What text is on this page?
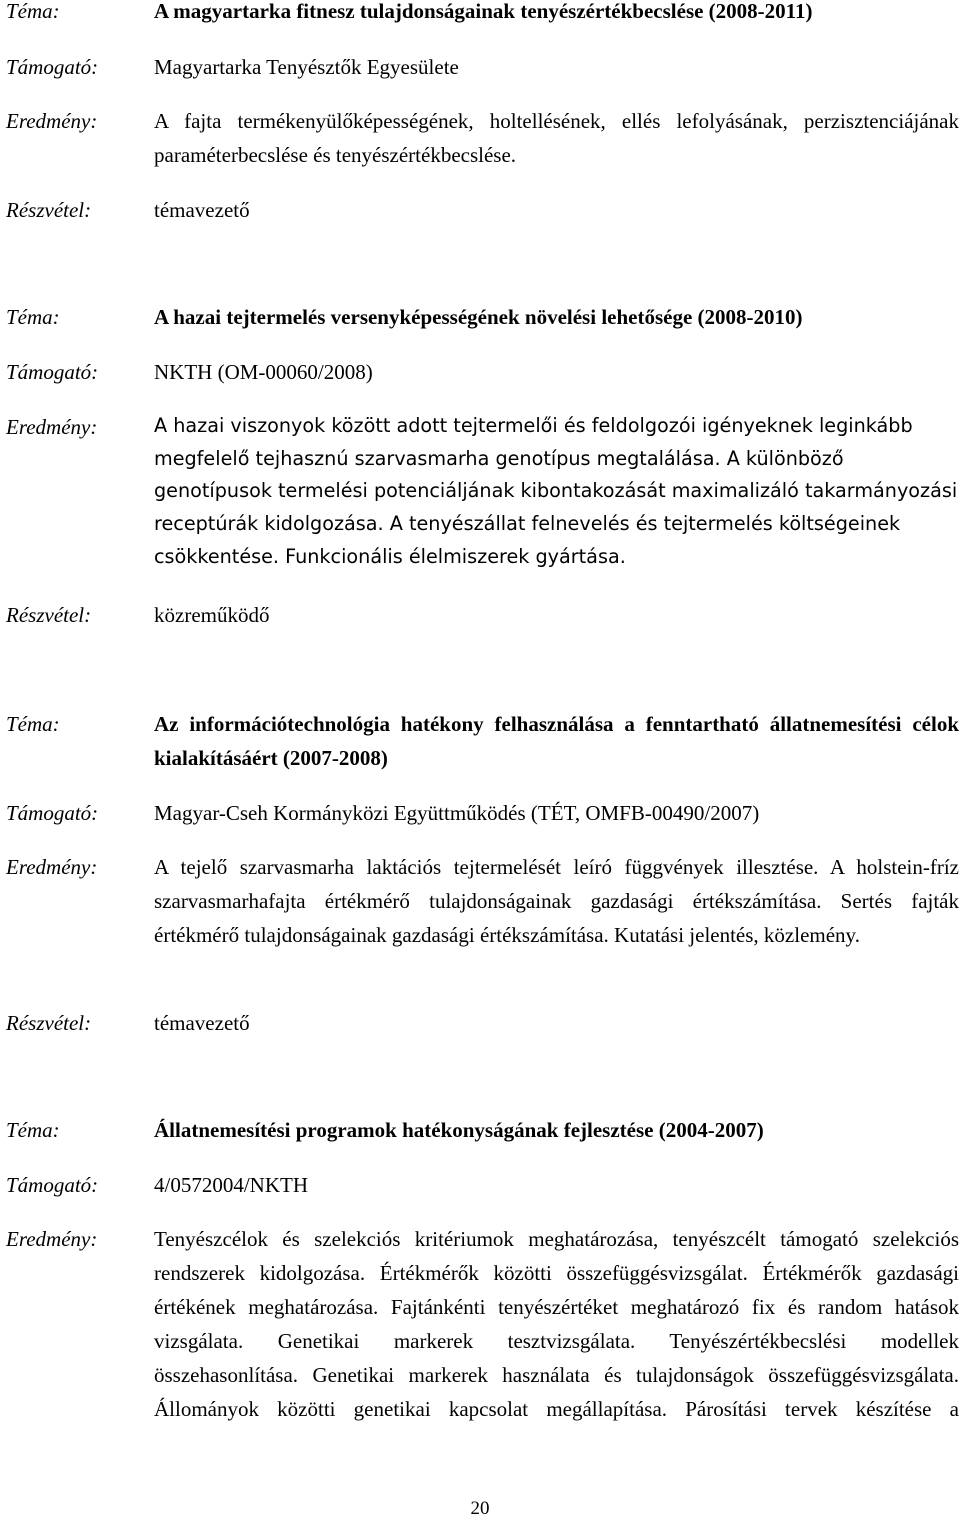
Téma:	A magyartarka fitnesz tulajdonságainak tenyészértékbecslése (2008-2011)
Támogató:	Magyartarka Tenyésztők Egyesülete
Eredmény:	A fajta termékenyülőképességének, holtellésének, ellés lefolyásának, perzisztenciájának paraméterbecslése és tenyészértékbecslése.
Részvétel:	témavezető
Téma:	A hazai tejtermelés versenyképességének növelési lehetősége (2008-2010)
Támogató:	NKTH (OM-00060/2008)
Eredmény:	A hazai viszonyok között adott tejtermelői és feldolgozói igényeknek leginkább megfelelő tejhasznú szarvasmarha genotípus megtalálása. A különböző genotípusok termelési potenciáljának kibontakozását maximalizáló takarmányozási receptúrák kidolgozása. A tenyészállat felnevelés és tejtermelés költségeinek csökkentése. Funkcionális élelmiszerek gyártása.
Részvétel:	közreműködő
Téma:	Az információtechnológia hatékony felhasználása a fenntartható állatnemesítési célok kialakításáért (2007-2008)
Támogató:	Magyar-Cseh Kormányközi Együttműködés (TÉT, OMFB-00490/2007)
Eredmény:	A tejelő szarvasmarha laktációs tejtermelését leíró függvények illesztése. A holstein-fríz szarvasmarhafajta értékmérő tulajdonságainak gazdasági értékszámítása. Sertés fajták értékmérő tulajdonságainak gazdasági értékszámítása. Kutatási jelentés, közlemény.
Részvétel:	témavezető
Téma:	Állatnemesítési programok hatékonyságának fejlesztése (2004-2007)
Támogató:	4/0572004/NKTH
Eredmény:	Tenyészcélok és szelekciós kritériumok meghatározása, tenyészcélt támogató szelekciós rendszerek kidolgozása. Értékmérők közötti összefüggésvizsgálat. Értékmérők gazdasági értékének meghatározása. Fajtánkénti tenyészértéket meghatározó fix és random hatások vizsgálata. Genetikai markerek tesztvizsgálata. Tenyészértékbecslési modellek összehasonlítása. Genetikai markerek használata és tulajdonságok összefüggésvizsgálata. Állományok közötti genetikai kapcsolat megállapítása. Párosítási tervek készítése a
20
